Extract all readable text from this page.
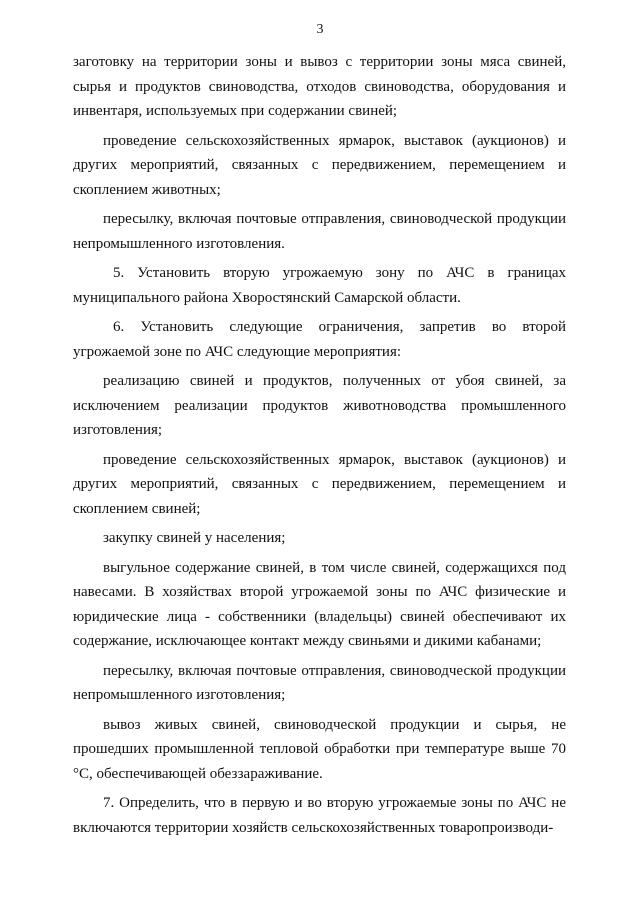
3

заготовку на территории зоны и вывоз с территории зоны мяса свиней, сырья и продуктов свиноводства, отходов свиноводства, оборудования и инвентаря, используемых при содержании свиней;

проведение сельскохозяйственных ярмарок, выставок (аукционов) и других мероприятий, связанных с передвижением, перемещением и скоплением животных;

пересылку, включая почтовые отправления, свиноводческой продукции непромышленного изготовления.

5. Установить вторую угрожаемую зону по АЧС в границах муниципального района Хворостянский Самарской области.

6. Установить следующие ограничения, запретив во второй угрожаемой зоне по АЧС следующие мероприятия:

реализацию свиней и продуктов, полученных от убоя свиней, за исключением реализации продуктов животноводства промышленного изготовления;

проведение сельскохозяйственных ярмарок, выставок (аукционов) и других мероприятий, связанных с передвижением, перемещением и скоплением свиней;

закупку свиней у населения;

выгульное содержание свиней, в том числе свиней, содержащихся под навесами. В хозяйствах второй угрожаемой зоны по АЧС физические и юридические лица - собственники (владельцы) свиней обеспечивают их содержание, исключающее контакт между свиньями и дикими кабанами;

пересылку, включая почтовые отправления, свиноводческой продукции непромышленного изготовления;

вывоз живых свиней, свиноводческой продукции и сырья, не прошедших промышленной тепловой обработки при температуре выше 70 °С, обеспечивающей обеззараживание.

7. Определить, что в первую и во вторую угрожаемые зоны по АЧС не включаются территории хозяйств сельскохозяйственных товаропроизводи-
